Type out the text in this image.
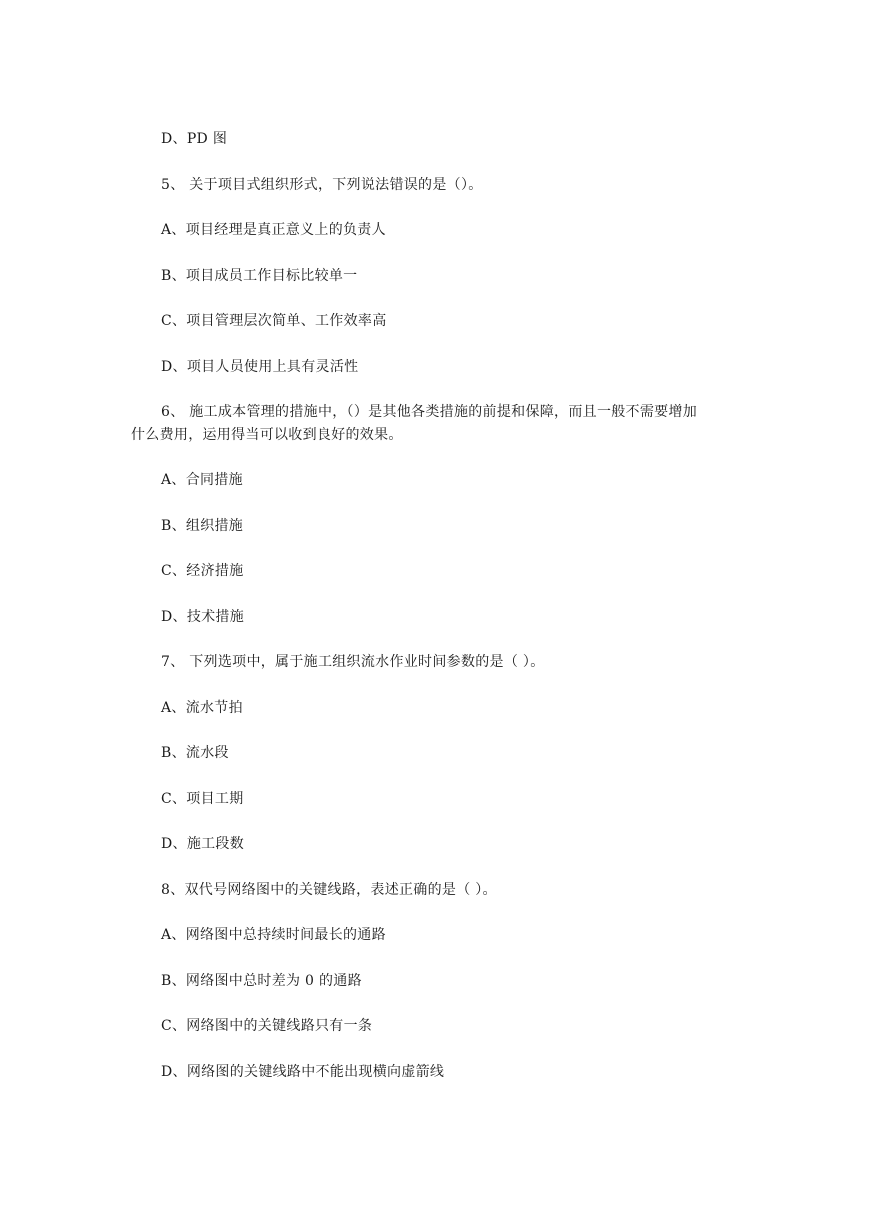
D、PD 图
5、 关于项目式组织形式，下列说法错误的是（）。
A、项目经理是真正意义上的负责人
B、项目成员工作目标比较单一
C、项目管理层次简单、工作效率高
D、项目人员使用上具有灵活性
6、 施工成本管理的措施中，（）是其他各类措施的前提和保障，而且一般不需要增加
什么费用，运用得当可以收到良好的效果。
A、合同措施
B、组织措施
C、经济措施
D、技术措施
7、 下列选项中，属于施工组织流水作业时间参数的是（ ）。
A、流水节拍
B、流水段
C、项目工期
D、施工段数
8、双代号网络图中的关键线路，表述正确的是（ ）。
A、网络图中总持续时间最长的通路
B、网络图中总时差为 0 的通路
C、网络图中的关键线路只有一条
D、网络图的关键线路中不能出现横向虚箭线
